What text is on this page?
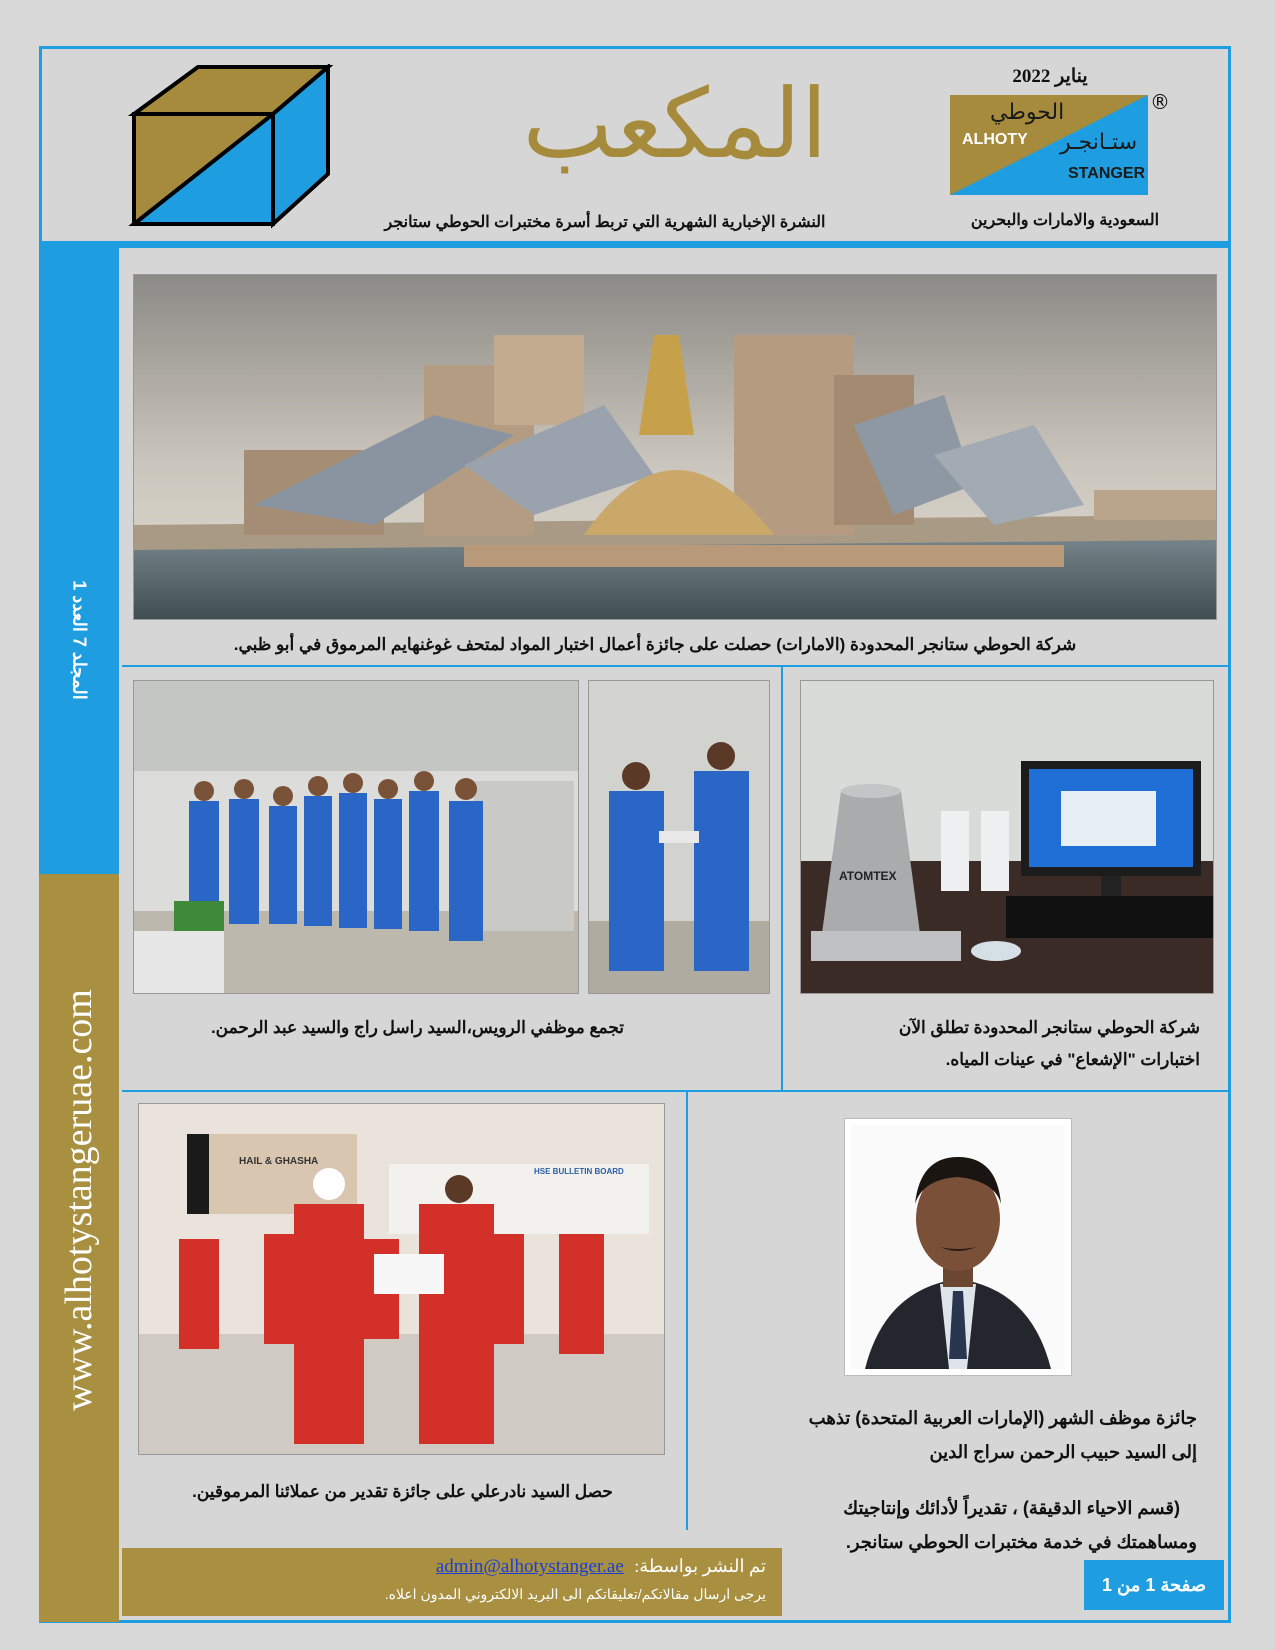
المكعب
النشرة الإخبارية الشهرية التي تربط أسرة مختبرات الحوطي ستانجر
يناير 2022
الحوطي
ALHOTY ستـانجـر
STANGER
®
السعودية والامارات والبحرين
المجلد 7 العدد 1
www.alhotystangeruae.com
شركة الحوطي ستانجر المحدودة (الامارات) حصلت على جائزة أعمال اختبار المواد لمتحف غوغنهايم المرموق في أبو ظبي.
ATOMTEX
شركة الحوطي ستانجر المحدودة تطلق الآن
اختبارات "الإشعاع" في عينات المياه.
تجمع موظفي الرويس،السيد راسل راج والسيد عبد الرحمن.
HAIL & GHASHA
HSE BULLETIN BOARD
حصل السيد نادرعلي على جائزة تقدير من عملائنا المرموقين.
جائزة موظف الشهر (الإمارات العربية المتحدة) تذهب
إلى السيد حبيب الرحمن سراج الدين
(قسم الاحياء الدقيقة) ، تقديراً لأدائك وإنتاجيتك
ومساهمتك في خدمة مختبرات الحوطي ستانجر.
تم النشر بواسطة: admin@alhotystanger.ae
يرجى ارسال مقالاتكم/تعليقاتكم الى البريد الالكتروني المدون اعلاه.	صفحة 1 من 1
